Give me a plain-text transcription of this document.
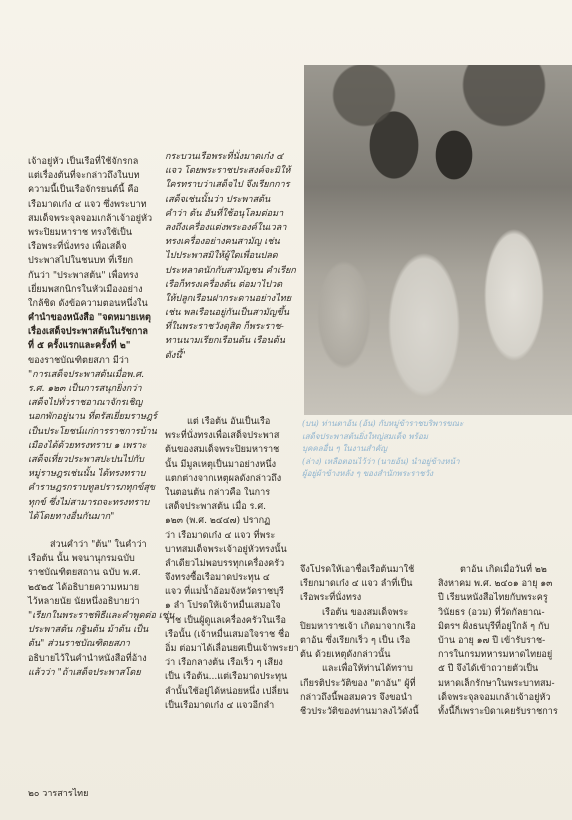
เจ้าอยู่หัว เป็นเรือที่ใช้จักรกล
แต่เรื่องต้นที่จะกล่าวถึงในบท
ความนี้เป็นเรือจักรยนต์นี้ คือ
เรือมาดเก๋ง ๔ แจว ซึ่งพระบาท
สมเด็จพระจุลจอมเกล้าเจ้าอยู่หัว
พระปิยมหาราช ทรงใช้เป็น
เรือพระที่นั่งทรง เพื่อเสด็จ
ประพาสไปในชนบท ที่เรียก
กันว่า "ประพาสต้น" เพื่อทรง
เยี่ยมพสกนิกรในหัวเมืองอย่าง
ใกล้ชิด ดังข้อความตอนหนึ่งใน
คำนำของหนังสือ "จดหมายเหตุ
เรื่องเสด็จประพาสต้นในรัชกาล
ที่ ๕ ครั้งแรกและครั้งที่ ๒"
ของราชบัณฑิตยสภา มีว่า
"การเสด็จประพาสต้นเมื่อพ.ศ.
ร.ศ. ๑๒๓ เป็นการสนุกยิ่งกว่า
เสด็จไปทั่วราชอาณาจักรเชิญ
นอกพักอยู่นาน ที่ตรัสเยี่ยมราษฎร์
เป็นประโยชน์แก่การราชการบ้าน
เมืองได้ด้วยทรงทราบ ๑ เพราะ
เสด็จเที่ยวประพาสปะปนไปกับ
หมู่ราษฎรเช่นนั้น ได้ทรงทราบ
คำราษฎรกราบทูลปรารภทุกข์สุข
ทุกข์ ซึ่งไม่สามารถจะทรงทราบ
ได้โดยทางอื่นกันมาก"
ส่วนคำว่า "ต้น" ในคำว่า
เรือต้น นั้น พจนานุกรมฉบับ
ราชบัณฑิตยสถาน ฉบับ พ.ศ.
๒๕๒๕ ได้อธิบายความหมาย
ไว้หลายนัย นัยหนึ่งอธิบายว่า
"เรียกในพระราชพิธีและคำพูดต่อ เช่น
ประพาสต้น กฐินต้น ม้าต้น เป็น
ต้น" ส่วนราชบัณฑิตยสภา
อธิบายไว้ในคำนำหนังสือที่อ้าง
แล้วว่า "ถ้าเสด็จประพาสโดย
กระบวนเรือพระที่นั่งมาดเก๋ง ๔
แจว โดยพระราชประสงค์จะมิให้
ใครทราบว่าเสด็จไป จึงเรียกการ
เสด็จเช่นนั้นว่า ประพาสต้น
คำว่า ต้น อันที่ใช้อนุโลมต่อมา
ลงถึงเครื่องแต่งพระองค์ในเวลา
ทรงเครื่องอย่างคนสามัญ เช่น
ไปประพาสมิให้ผู้ใดเพื่อนปลด
ประหลาดนักกับสามัญชน คำเรียก
เรือก็ทรงเครื่องต้น ต่อมาไปวด
ให้ปลูกเรือนฝากระดานอย่างไทย
เช่น พลเรือนอยู่กันเป็นสามัญขึ้น
ที่ในพระราชวังดุสิต ก็พระราช-
ทานนามเรียกเรือนต้น เรือนต้น
ดังนี้"
แต่ เรือต้น อันเป็นเรือ
พระที่นั่งทรงเพื่อเสด็จประพาส
ต้นของสมเด็จพระปิยมหาราช
นั้น มีมูลเหตุเป็นมาอย่างหนึ่ง
แตกต่างจากเหตุผลดังกล่าวถึง
ในตอนต้น กล่าวคือ ในการ
เสด็จประพาสต้น เมื่อ ร.ศ.
๑๒๓ (พ.ศ. ๒๔๔๗) ปรากฏ
ว่า เรือมาดเก๋ง ๔ แจว ที่พระ
บาทสมเด็จพระเจ้าอยู่หัวทรงนั้น
ลำเดียวไม่พอบรรทุกเครื่องครัว
จึงทรงซื้อเรือมาดประทุน ๔
แจว ที่แม่น้ำอ้อมจังหวัดราชบุรี
๑ ลำ โปรดให้เจ้าหมื่นเสมอใจ
ราช เป็นผู้ดูแลเครื่องครัวในเรือ
เรือนั้น (เจ้าหมื่นเสมอใจราช ชื่อ
อิ่ม ต่อมาได้เลื่อนยศเป็นเจ้าพระยา
ว่า เรือกลางต้น เรือเร็ว ๆ เสียง
เป็น เรือต้น...แต่เรือมาดประทุน
ลำนั้นใช้อยู่ได้หน่อยหนึ่ง เปลี่ยน
เป็นเรือมาดเก๋ง ๔ แจวอีกลำ
จึงโปรดให้เอาชื่อเรือต้นมาใช้
เรียกมาดเก๋ง ๔ แจว ลำที่เป็น
เรือพระที่นั่งทรง
เรือต้น ของสมเด็จพระ
ปิยมหาราชเจ้า เกิดมาจากเรือ
ตาอ้น ซึ่งเรียกเร็ว ๆ เป็น เรือ
ต้น ด้วยเหตุดังกล่าวนั้น
และเพื่อให้ท่านได้ทราบ
เกียรติประวัติของ "ตาอ้น" ผู้ที่
กล่าวถึงนี้พอสมควร จึงขอนำ
ชีวประวัติของท่านมาลงไว้ดังนี้
ตาอ้น เกิดเมื่อวันที่ ๒๒
สิงหาคม พ.ศ. ๒๔๐๑ อายุ ๑๓
ปี เรียนหนังสือไทยกับพระครู
วินัยธร (อวม) ที่วัดกัลยาณ-
มิตรฯ ฝั่งธนบุรีที่อยู่ใกล้ ๆ กับ
บ้าน อายุ ๑๗ ปี เข้ารับราช-
การในกรมทหารมหาดไทยอยู่
๕ ปี จึงได้เข้าถวายตัวเป็น
มหาดเล็กรักษาในพระบาทสม-
เด็จพระจุลจอมเกล้าเจ้าอยู่หัว
ทั้งนี้ก็เพราะบิดาเคยรับราชการ
(บน) ท่านตาอ้น (อ้น) กับหมู่ข้าราชบริพารขณะ
เสด็จประพาสต้นยิ่งใหญ่สมเด็จ พร้อม
บุคคลอื่น ๆ ในงานสำคัญ
(ล่าง) เหลือตอนไว้ว่า (นายอ้น) นำอยู่ข้างหน้า
ผู้อยู่ผ้าข้างหลัง ๆ ของสำนักพระราชวัง
๒๐ วารสารไทย
